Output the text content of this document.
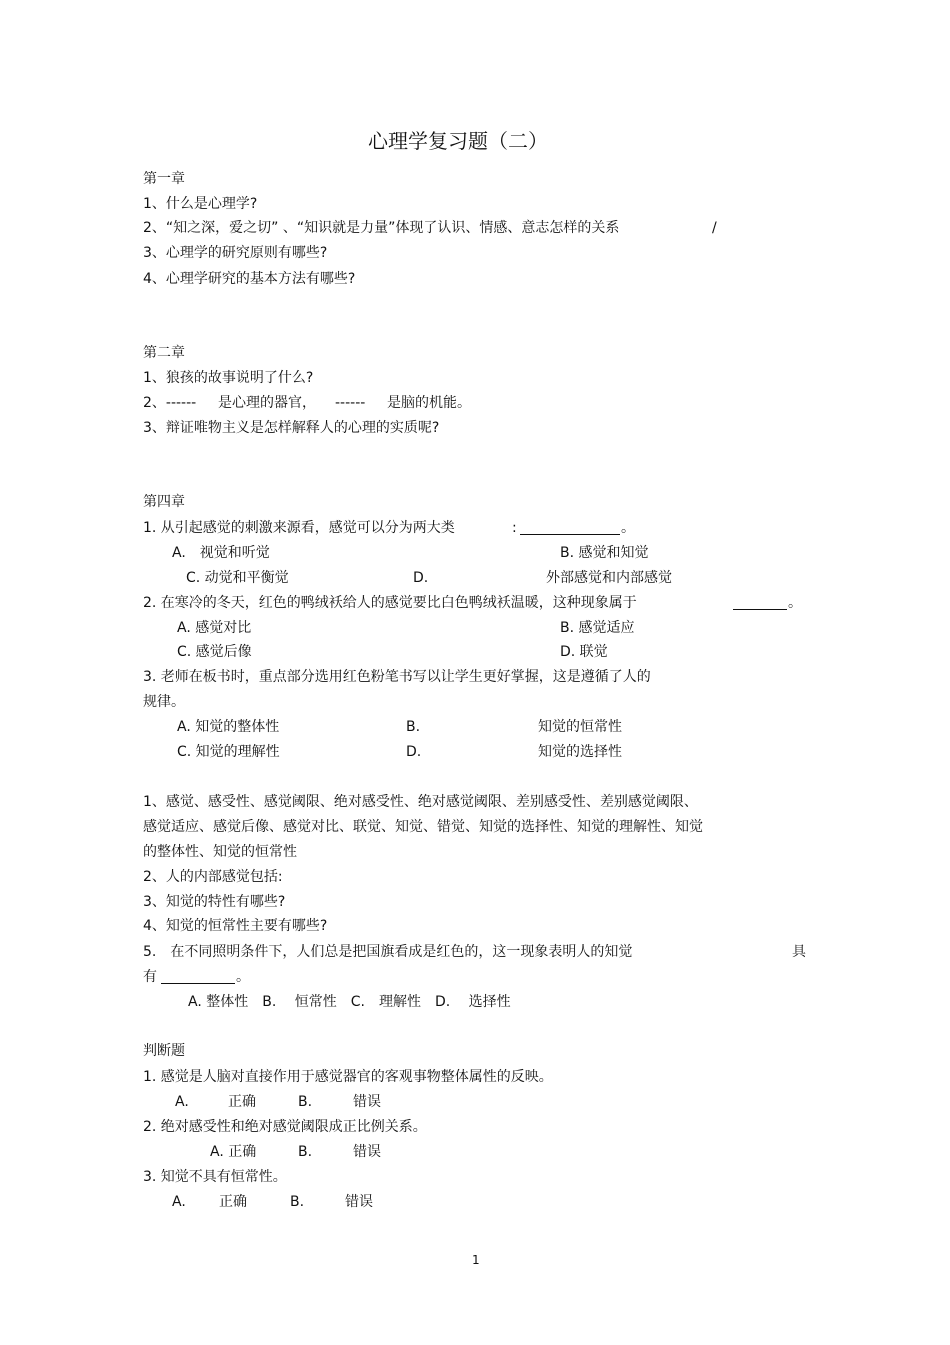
心理学复习题（二）
第一章
1、什么是心理学?
2、“知之深，爱之切” 、“知识就是力量”体现了认识、情感、意志怎样的关系	/
3、心理学的研究原则有哪些?
4、心理学研究的基本方法有哪些?
第二章
1、狼孩的故事说明了什么?
2、------ 是心理的器官， ------ 是脑的机能。
3、辩证唯物主义是怎样解释人的心理的实质呢?
第四章
1. 从引起感觉的刺激来源看，感觉可以分为两大类	:	。
A.　视觉和听觉	B. 感觉和知觉
C. 动觉和平衡觉	D.	外部感觉和内部感觉
2. 在寒冷的冬天，红色的鸭绒袄给人的感觉要比白色鸭绒袄温暖，这种现象属于	。
A. 感觉对比	B. 感觉适应
C. 感觉后像	D. 联觉
3. 老师在板书时，重点部分选用红色粉笔书写以让学生更好掌握，这是遵循了人的
规律。
A. 知觉的整体性	B.	知觉的恒常性
C. 知觉的理解性	D.	知觉的选择性
1、感觉、感受性、感觉阈限、绝对感受性、绝对感觉阈限、差别感受性、差别感觉阈限、
感觉适应、感觉后像、感觉对比、联觉、知觉、错觉、知觉的选择性、知觉的理解性、知觉
的整体性、知觉的恒常性
2、人的内部感觉包括:
3、知觉的特性有哪些?
4、知觉的恒常性主要有哪些?
5.　在不同照明条件下，人们总是把国旗看成是红色的，这一现象表明人的知觉	具
有	。
A. 整体性　B.　 恒常性　C.　理解性　D.　 选择性
判断题
1. 感觉是人脑对直接作用于感觉器官的客观事物整体属性的反映。
A.	正确	B.	错误
2. 绝对感受性和绝对感觉阈限成正比例关系。
A. 正确	B.	错误
3. 知觉不具有恒常性。
A. 正确	B.	错误
1
